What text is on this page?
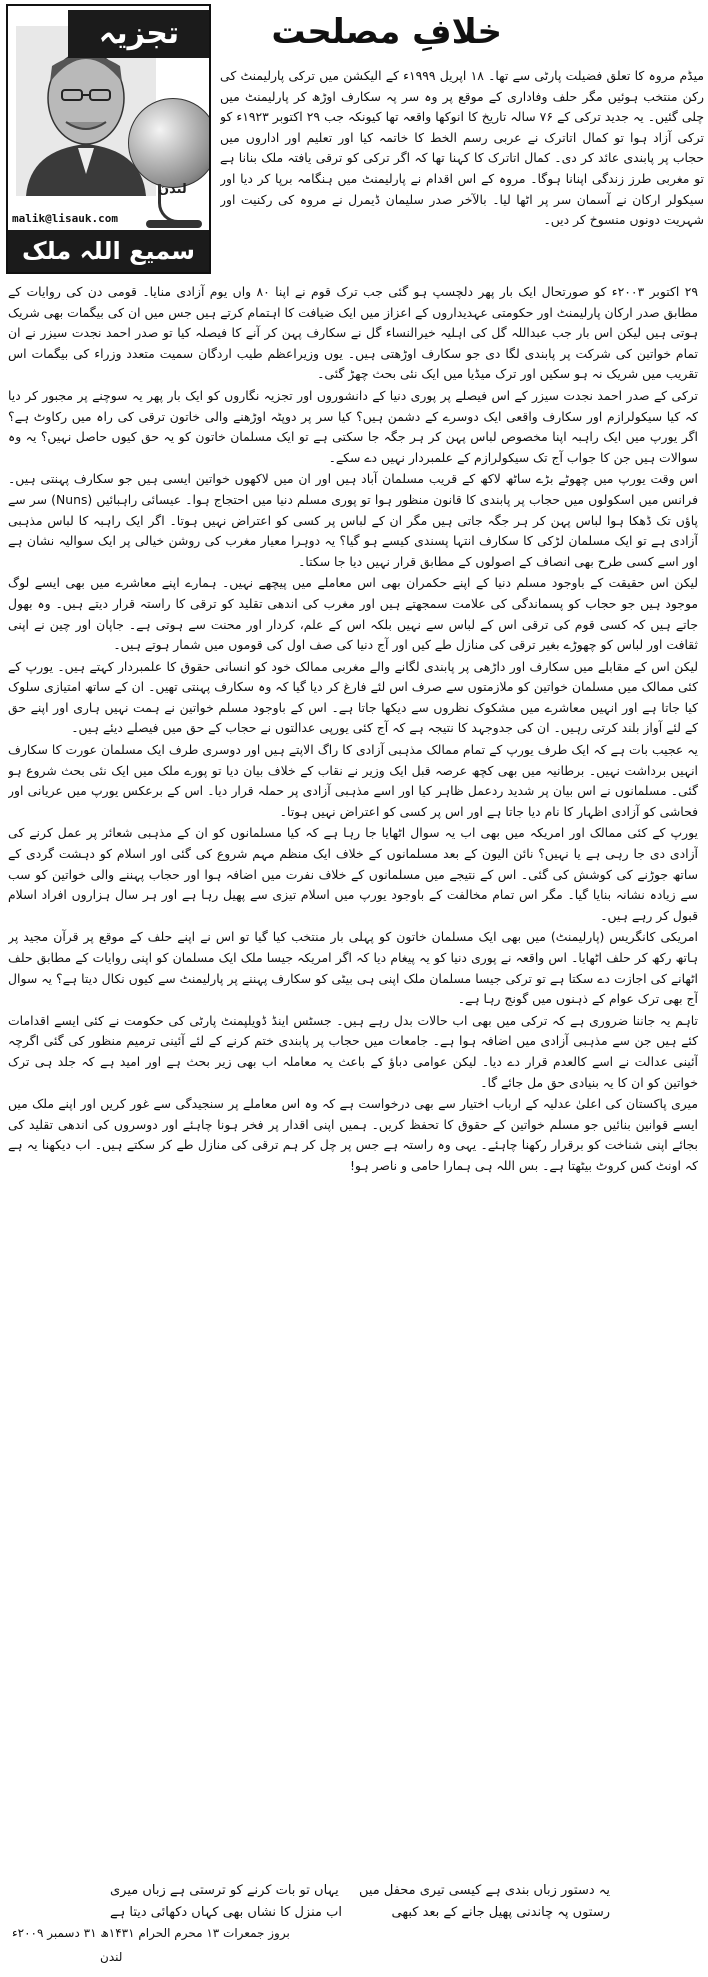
تجزیہ
لندن
malik@lisauk.com
سمیع اللہ ملک
خلافِ مصلحت

میڈم مروہ کا تعلق فضیلت پارٹی سے تھا۔ ۱۸ اپریل ۱۹۹۹ء کے الیکشن میں ترکی پارلیمنٹ کی رکن منتخب ہوئیں مگر حلف وفاداری کے موقع پر وہ سر پہ سکارف اوڑھ کر پارلیمنٹ میں چلی گئیں۔ یہ جدید ترکی کے ۷۶ سالہ تاریخ کا انوکھا واقعہ تھا کیونکہ جب ۲۹ اکتوبر ۱۹۲۳ء کو ترکی آزاد ہوا تو کمال اتاترک نے عربی رسم الخط کا خاتمہ کیا اور تعلیم اور اداروں میں حجاب پر پابندی عائد کر دی۔ کمال اتاترک کا کہنا تھا کہ اگر ترکی کو ترقی یافتہ ملک بنانا ہے تو مغربی طرز زندگی اپنانا ہوگا۔ مروہ کے اس اقدام نے پارلیمنٹ میں ہنگامہ برپا کر دیا اور سیکولر ارکان نے آسمان سر پر اٹھا لیا۔ بالآخر صدر سلیمان ڈیمرل نے مروہ کی رکنیت اور شہریت دونوں منسوخ کر دیں۔

۲۹ اکتوبر ۲۰۰۳ء کو صورتحال ایک بار پھر دلچسپ ہو گئی جب ترک قوم نے اپنا ۸۰ واں یوم آزادی منایا۔ قومی دن کی روایات کے مطابق صدر ارکان پارلیمنٹ اور حکومتی عہدیداروں کے اعزاز میں ایک ضیافت کا اہتمام کرتے ہیں جس میں ان کی بیگمات بھی شریک ہوتی ہیں لیکن اس بار جب عبداللہ گل کی اہلیہ خیرالنساء گل نے سکارف پہن کر آنے کا فیصلہ کیا تو صدر احمد نجدت سیزر نے ان تمام خواتین کی شرکت پر پابندی لگا دی جو سکارف اوڑھتی ہیں۔ یوں وزیراعظم طیب اردگان سمیت متعدد وزراء کی بیگمات اس تقریب میں شریک نہ ہو سکیں اور ترک میڈیا میں ایک نئی بحث چھڑ گئی۔

ترکی کے صدر احمد نجدت سیزر کے اس فیصلے پر پوری دنیا کے دانشوروں اور تجزیہ نگاروں کو ایک بار پھر یہ سوچنے پر مجبور کر دیا کہ کیا سیکولرازم اور سکارف واقعی ایک دوسرے کے دشمن ہیں؟ کیا سر پر دوپٹہ اوڑھنے والی خاتون ترقی کی راہ میں رکاوٹ ہے؟ اگر یورپ میں ایک راہبہ اپنا مخصوص لباس پہن کر ہر جگہ جا سکتی ہے تو ایک مسلمان خاتون کو یہ حق کیوں حاصل نہیں؟ یہ وہ سوالات ہیں جن کا جواب آج تک سیکولرازم کے علمبردار نہیں دے سکے۔

اس وقت یورپ میں چھوٹے بڑے ساٹھ لاکھ کے قریب مسلمان آباد ہیں اور ان میں لاکھوں خواتین ایسی ہیں جو سکارف پہنتی ہیں۔ فرانس میں اسکولوں میں حجاب پر پابندی کا قانون منظور ہوا تو پوری مسلم دنیا میں احتجاج ہوا۔ عیسائی راہبائیں (Nuns) سر سے پاؤں تک ڈھکا ہوا لباس پہن کر ہر جگہ جاتی ہیں مگر ان کے لباس پر کسی کو اعتراض نہیں ہوتا۔ اگر ایک راہبہ کا لباس مذہبی آزادی ہے تو ایک مسلمان لڑکی کا سکارف انتہا پسندی کیسے ہو گیا؟ یہ دوہرا معیار مغرب کی روشن خیالی پر ایک سوالیہ نشان ہے اور اسے کسی طرح بھی انصاف کے اصولوں کے مطابق قرار نہیں دیا جا سکتا۔

لیکن اس حقیقت کے باوجود مسلم دنیا کے اپنے حکمران بھی اس معاملے میں پیچھے نہیں۔ ہمارے اپنے معاشرے میں بھی ایسے لوگ موجود ہیں جو حجاب کو پسماندگی کی علامت سمجھتے ہیں اور مغرب کی اندھی تقلید کو ترقی کا راستہ قرار دیتے ہیں۔ وہ بھول جاتے ہیں کہ کسی قوم کی ترقی اس کے لباس سے نہیں بلکہ اس کے علم، کردار اور محنت سے ہوتی ہے۔ جاپان اور چین نے اپنی ثقافت اور لباس کو چھوڑے بغیر ترقی کی منازل طے کیں اور آج دنیا کی صف اول کی قوموں میں شمار ہوتے ہیں۔

لیکن اس کے مقابلے میں سکارف اور داڑھی پر پابندی لگانے والے مغربی ممالک خود کو انسانی حقوق کا علمبردار کہتے ہیں۔ یورپ کے کئی ممالک میں مسلمان خواتین کو ملازمتوں سے صرف اس لئے فارغ کر دیا گیا کہ وہ سکارف پہنتی تھیں۔ ان کے ساتھ امتیازی سلوک کیا جاتا ہے اور انہیں معاشرے میں مشکوک نظروں سے دیکھا جاتا ہے۔ اس کے باوجود مسلم خواتین نے ہمت نہیں ہاری اور اپنے حق کے لئے آواز بلند کرتی رہیں۔ ان کی جدوجہد کا نتیجہ ہے کہ آج کئی یورپی عدالتوں نے حجاب کے حق میں فیصلے دیئے ہیں۔

یہ عجیب بات ہے کہ ایک طرف یورپ کے تمام ممالک مذہبی آزادی کا راگ الاپتے ہیں اور دوسری طرف ایک مسلمان عورت کا سکارف انہیں برداشت نہیں۔ برطانیہ میں بھی کچھ عرصہ قبل ایک وزیر نے نقاب کے خلاف بیان دیا تو پورے ملک میں ایک نئی بحث شروع ہو گئی۔ مسلمانوں نے اس بیان پر شدید ردعمل ظاہر کیا اور اسے مذہبی آزادی پر حملہ قرار دیا۔ اس کے برعکس یورپ میں عریانی اور فحاشی کو آزادی اظہار کا نام دیا جاتا ہے اور اس پر کسی کو اعتراض نہیں ہوتا۔

یورپ کے کئی ممالک اور امریکہ میں بھی اب یہ سوال اٹھایا جا رہا ہے کہ کیا مسلمانوں کو ان کے مذہبی شعائر پر عمل کرنے کی آزادی دی جا رہی ہے یا نہیں؟ نائن الیون کے بعد مسلمانوں کے خلاف ایک منظم مہم شروع کی گئی اور اسلام کو دہشت گردی کے ساتھ جوڑنے کی کوشش کی گئی۔ اس کے نتیجے میں مسلمانوں کے خلاف نفرت میں اضافہ ہوا اور حجاب پہننے والی خواتین کو سب سے زیادہ نشانہ بنایا گیا۔ مگر اس تمام مخالفت کے باوجود یورپ میں اسلام تیزی سے پھیل رہا ہے اور ہر سال ہزاروں افراد اسلام قبول کر رہے ہیں۔

امریکی کانگریس (پارلیمنٹ) میں بھی ایک مسلمان خاتون کو پہلی بار منتخب کیا گیا تو اس نے اپنے حلف کے موقع پر قرآن مجید پر ہاتھ رکھ کر حلف اٹھایا۔ اس واقعہ نے پوری دنیا کو یہ پیغام دیا کہ اگر امریکہ جیسا ملک ایک مسلمان کو اپنی روایات کے مطابق حلف اٹھانے کی اجازت دے سکتا ہے تو ترکی جیسا مسلمان ملک اپنی ہی بیٹی کو سکارف پہننے پر پارلیمنٹ سے کیوں نکال دیتا ہے؟ یہ سوال آج بھی ترک عوام کے ذہنوں میں گونج رہا ہے۔

تاہم یہ جاننا ضروری ہے کہ ترکی میں بھی اب حالات بدل رہے ہیں۔ جسٹس اینڈ ڈویلپمنٹ پارٹی کی حکومت نے کئی ایسے اقدامات کئے ہیں جن سے مذہبی آزادی میں اضافہ ہوا ہے۔ جامعات میں حجاب پر پابندی ختم کرنے کے لئے آئینی ترمیم منظور کی گئی اگرچہ آئینی عدالت نے اسے کالعدم قرار دے دیا۔ لیکن عوامی دباؤ کے باعث یہ معاملہ اب بھی زیر بحث ہے اور امید ہے کہ جلد ہی ترک خواتین کو ان کا یہ بنیادی حق مل جائے گا۔

میری پاکستان کی اعلیٰ عدلیہ کے ارباب اختیار سے بھی درخواست ہے کہ وہ اس معاملے پر سنجیدگی سے غور کریں اور اپنے ملک میں ایسے قوانین بنائیں جو مسلم خواتین کے حقوق کا تحفظ کریں۔ ہمیں اپنی اقدار پر فخر ہونا چاہئے اور دوسروں کی اندھی تقلید کی بجائے اپنی شناخت کو برقرار رکھنا چاہئے۔ یہی وہ راستہ ہے جس پر چل کر ہم ترقی کی منازل طے کر سکتے ہیں۔ اب دیکھنا یہ ہے کہ اونٹ کس کروٹ بیٹھتا ہے۔ بس اللہ ہی ہمارا حامی و ناصر ہو!

یہ دستور زباں بندی ہے کیسی تیری محفل میں
یہاں تو بات کرنے کو ترستی ہے زباں میری
رستوں پہ چاندنی پھیل جانے کے بعد کبھی
اب منزل کا نشاں بھی کہاں دکھائی دیتا ہے
بروز جمعرات ۱۳ محرم الحرام ۱۴۳۱ھ ۳۱ دسمبر ۲۰۰۹ء
لندن
